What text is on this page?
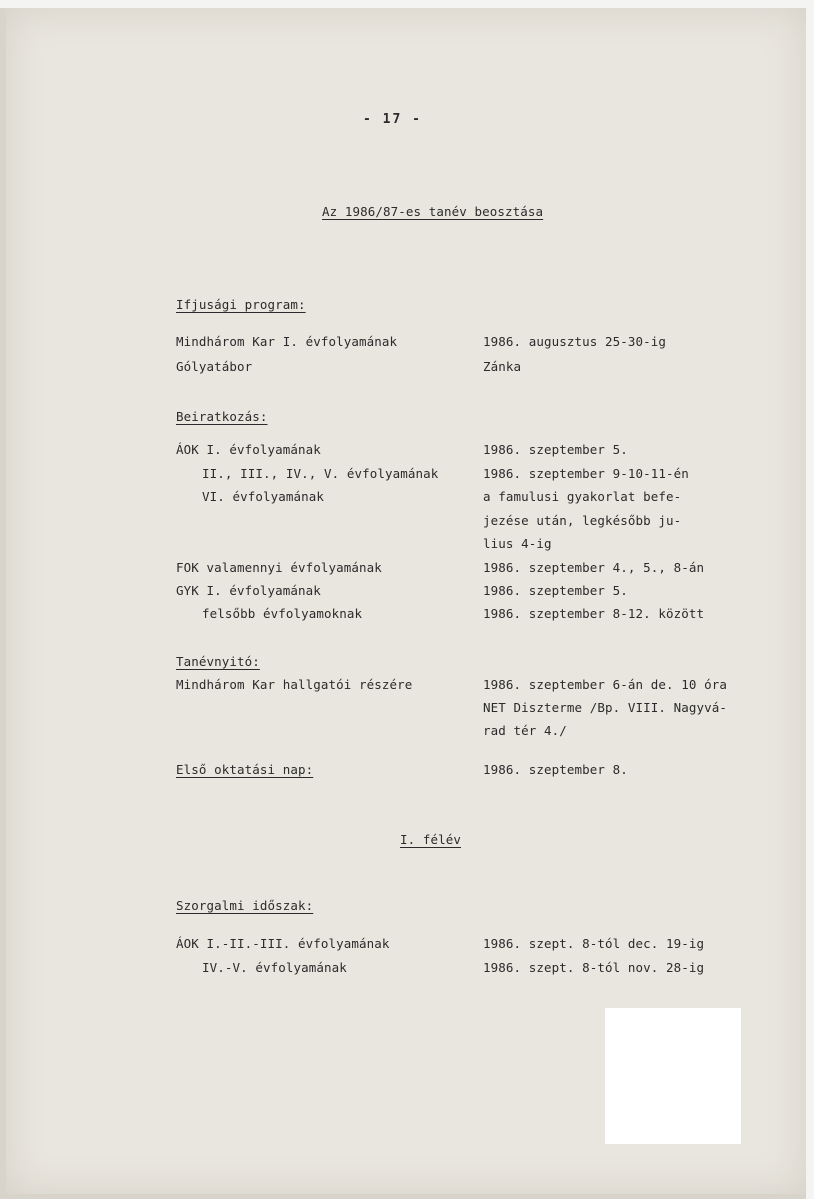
- 17 -
Az 1986/87-es tanév beosztása
Ifjusági program:
Mindhárom Kar I. évfolyamának	1986. augusztus 25-30-ig
Gólyatábor	Zánka
Beiratkozás:
ÁOK I. évfolyamának	1986. szeptember 5.
II., III., IV., V. évfolyamának	1986. szeptember 9-10-11-én
VI. évfolyamának	a famulusi gyakorlat befe-
jezése után, legkésőbb ju-
lius 4-ig
FOK valamennyi évfolyamának	1986. szeptember 4., 5., 8-án
GYK I. évfolyamának	1986. szeptember 5.
felsőbb évfolyamoknak	1986. szeptember 8-12. között
Tanévnyitó:
Mindhárom Kar hallgatói részére	1986. szeptember 6-án de. 10 óra
NET Diszterme /Bp. VIII. Nagyvá-
rad tér 4./
Első oktatási nap:	1986. szeptember 8.
I. félév
Szorgalmi időszak:
ÁOK I.-II.-III. évfolyamának	1986. szept. 8-tól dec. 19-ig
IV.-V. évfolyamának	1986. szept. 8-tól nov. 28-ig
